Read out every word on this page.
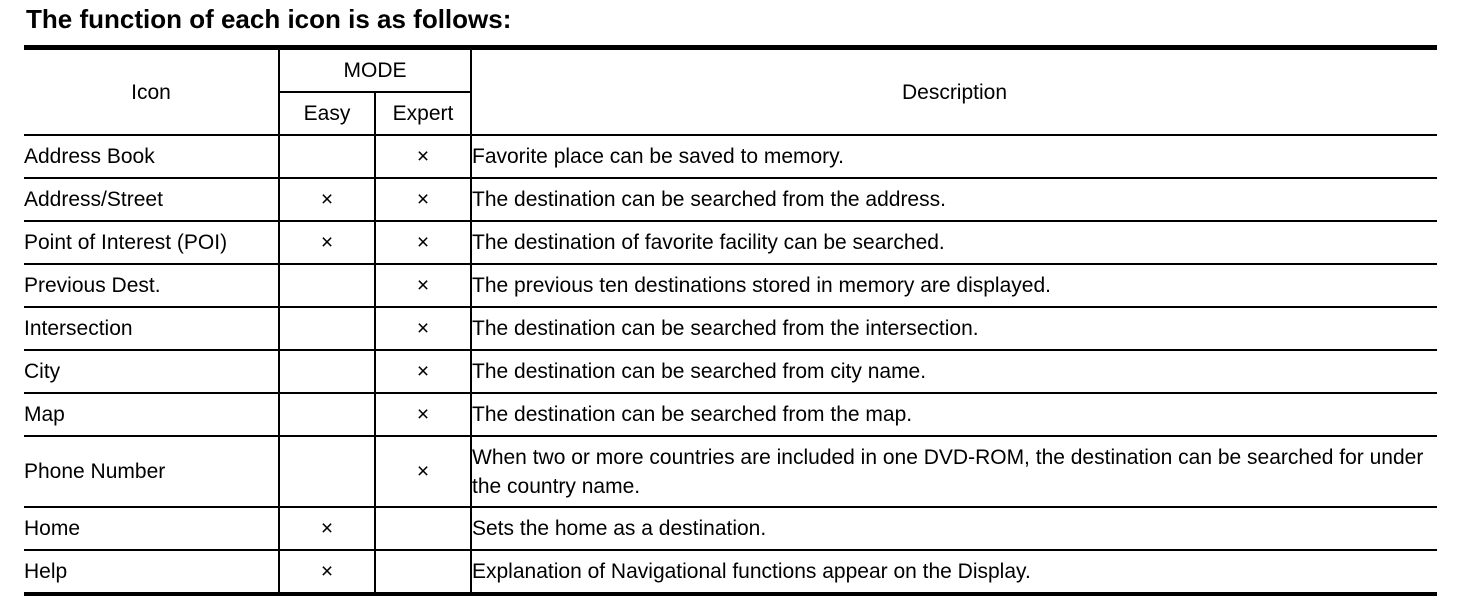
The function of each icon is as follows:
Icon	MODE		Description
	Easy	Expert	
Address Book		×	Favorite place can be saved to memory.
Address/Street	×	×	The destination can be searched from the address.
Point of Interest (POI)	×	×	The destination of favorite facility can be searched.
Previous Dest.		×	The previous ten destinations stored in memory are displayed.
Intersection		×	The destination can be searched from the intersection.
City		×	The destination can be searched from city name.
Map		×	The destination can be searched from the map.
Phone Number		×	When two or more countries are included in one DVD-ROM, the destination can be searched for under the country name.
Home	×		Sets the home as a destination.
Help	×		Explanation of Navigational functions appear on the Display.
